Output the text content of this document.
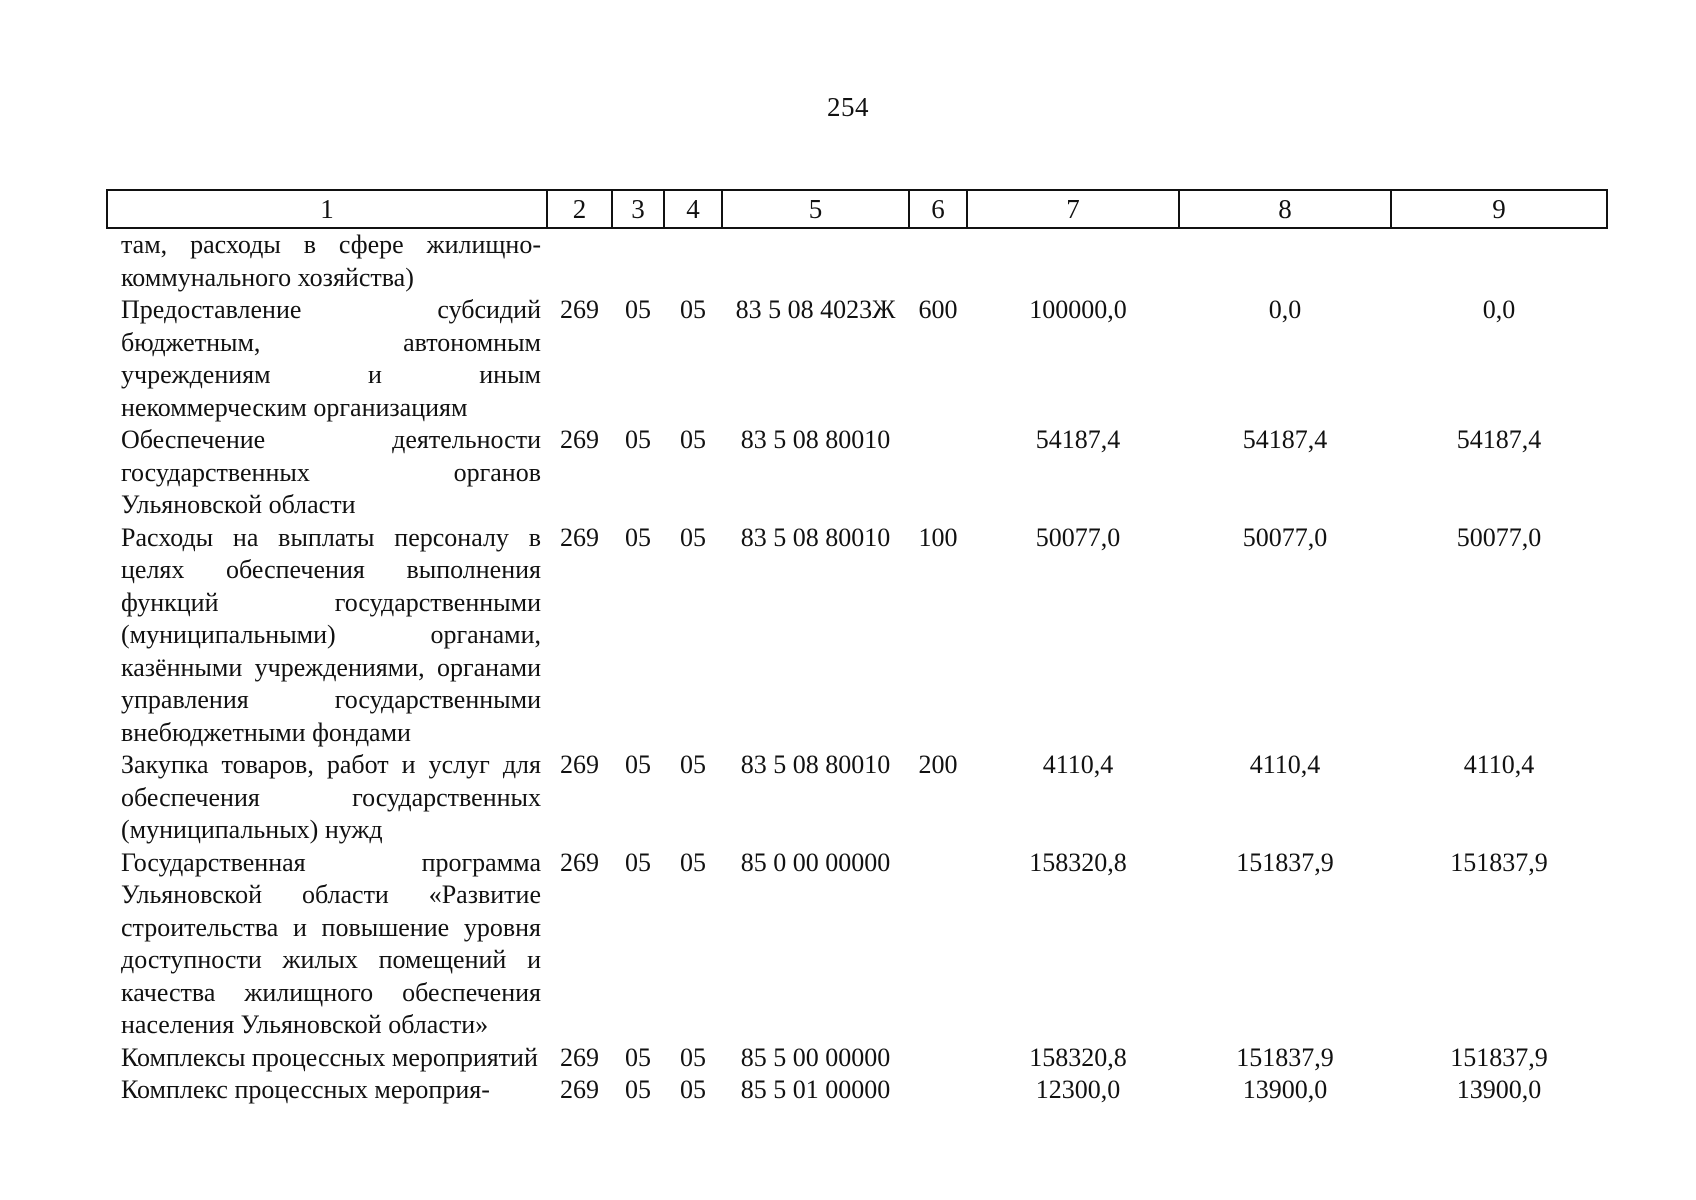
254
1	2	3	4	5	6	7	8	9
там, расходы в сфере жилищно-коммунального хозяйства)								
Предоставление субсидий бюджетным, автономным учреждениям и иным некоммерческим организациям	269	05	05	83 5 08 4023Ж	600	100000,0	0,0	0,0
Обеспечение деятельности государственных органов Ульяновской области	269	05	05	83 5 08 80010		54187,4	54187,4	54187,4
Расходы на выплаты персоналу в целях обеспечения выполнения функций государственными (муниципальными) органами, казёнными учреждениями, органами управления государственными внебюджетными фондами	269	05	05	83 5 08 80010	100	50077,0	50077,0	50077,0
Закупка товаров, работ и услуг для обеспечения государственных (муниципальных) нужд	269	05	05	83 5 08 80010	200	4110,4	4110,4	4110,4
Государственная программа Ульяновской области «Развитие строительства и повышение уровня доступности жилых помещений и качества жилищного обеспечения населения Ульяновской области»	269	05	05	85 0 00 00000		158320,8	151837,9	151837,9
Комплексы процессных мероприятий	269	05	05	85 5 00 00000		158320,8	151837,9	151837,9
Комплекс процессных мероприя-	269	05	05	85 5 01 00000		12300,0	13900,0	13900,0
